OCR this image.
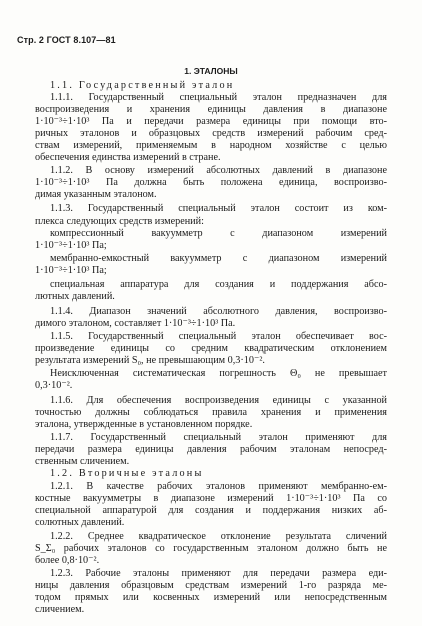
Стр. 2 ГОСТ 8.107—81
1. ЭТАЛОНЫ

1.1. Государственный эталон

1.1.1. Государственный специальный эталон предназначен для

воспроизведения и хранения единицы давления в диапазоне

1·10⁻³÷1·10³ Па и передачи размера единицы при помощи вто-

ричных эталонов и образцовых средств измерений рабочим сред-

ствам измерений, применяемым в народном хозяйстве с целью

обеспечения единства измерений в стране.

1.1.2. В основу измерений абсолютных давлений в диапазоне

1·10⁻³÷1·10³ Па должна быть положена единица, воспроизво-

димая указанным эталоном.

1.1.3. Государственный специальный эталон состоит из ком-

плекса следующих средств измерений:

компрессионный вакуумметр с диапазоном измерений

1·10⁻³÷1·10³ Па;

мембранно-емкостный вакуумметр с диапазоном измерений

1·10⁻³÷1·10³ Па;

специальная аппаратура для создания и поддержания абсо-

лютных давлений.

1.1.4. Диапазон значений абсолютного давления, воспроизво-

димого эталоном, составляет 1·10⁻³÷1·10³ Па.

1.1.5. Государственный специальный эталон обеспечивает вос-

произведение единицы со средним квадратическим отклонением

результата измерений S₀, не превышающим 0,3·10⁻².

Неисключенная систематическая погрешность Θ₀ не превышает

0,3·10⁻².

1.1.6. Для обеспечения воспроизведения единицы с указанной

точностью должны соблюдаться правила хранения и применения

эталона, утвержденные в установленном порядке.

1.1.7. Государственный специальный эталон применяют для

передачи размера единицы давления рабочим эталонам непосред-

ственным сличением.

1.2. Вторичные эталоны

1.2.1. В качестве рабочих эталонов применяют мембранно-ем-

костные вакуумметры в диапазоне измерений 1·10⁻³÷1·10³ Па со

специальной аппаратурой для создания и поддержания низких аб-

солютных давлений.

1.2.2. Среднее квадратическое отклонение результата сличений

S_Σ₀ рабочих эталонов со государственным эталоном должно быть не

более 0,8·10⁻².

1.2.3. Рабочие эталоны применяют для передачи размера еди-

ницы давления образцовым средствам измерений 1-го разряда ме-

тодом прямых или косвенных измерений или непосредственным

сличением.
